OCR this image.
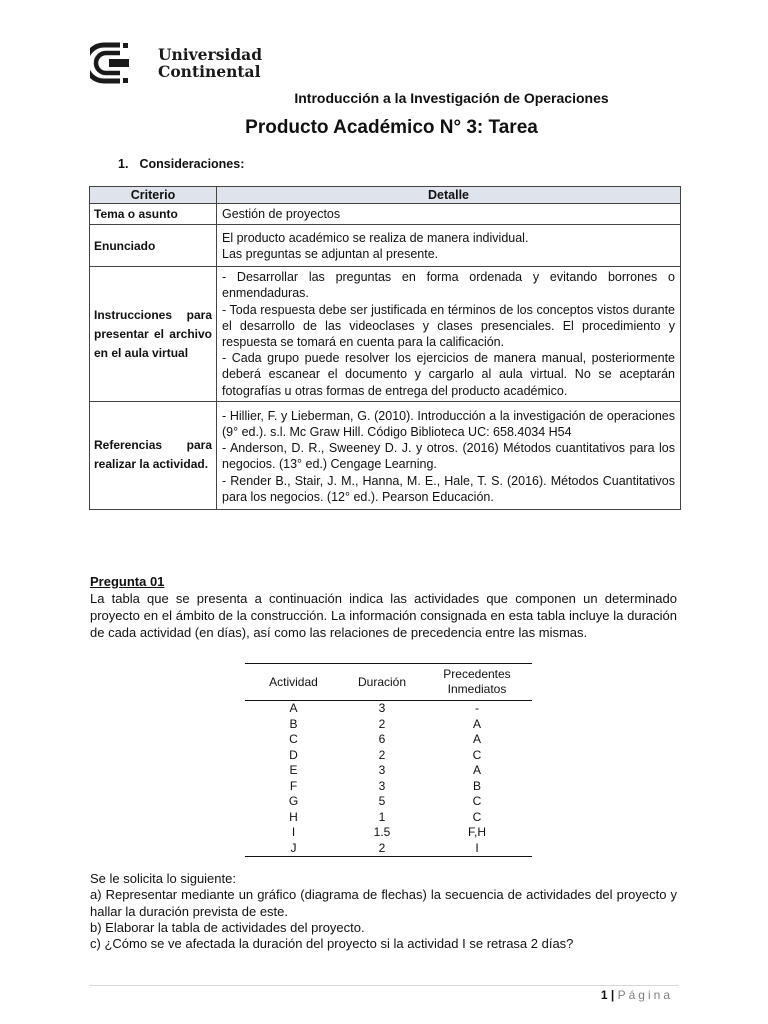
Universidad
Continental
Introducción a la Investigación de Operaciones
Producto Académico N° 3: Tarea
1. Consideraciones:
Criterio	Detalle
Tema o asunto	Gestión de proyectos
Enunciado	El producto académico se realiza de manera individual.
Las preguntas se adjuntan al presente.

Instrucciones para presentar el archivo en el aula virtual	- Desarrollar las preguntas en forma ordenada y evitando borrones o enmendaduras.
- Toda respuesta debe ser justificada en términos de los conceptos vistos durante el desarrollo de las videoclases y clases presenciales. El procedimiento y respuesta se tomará en cuenta para la calificación.
- Cada grupo puede resolver los ejercicios de manera manual, posteriormente deberá escanear el documento y cargarlo al aula virtual. No se aceptarán fotografías u otras formas de entrega del producto académico.

Referencias para realizar la actividad.	- Hillier, F. y Lieberman, G. (2010). Introducción a la investigación de operaciones (9° ed.). s.l. Mc Graw Hill. Código Biblioteca UC: 658.4034 H54
- Anderson, D. R., Sweeney D. J. y otros. (2016) Métodos cuantitativos para los negocios. (13° ed.) Cengage Learning.
- Render B., Stair, J. M., Hanna, M. E., Hale, T. S. (2016). Métodos Cuantitativos para los negocios. (12° ed.). Pearson Educación.
Pregunta 01
La tabla que se presenta a continuación indica las actividades que componen un determinado proyecto en el ámbito de la construcción. La información consignada en esta tabla incluye la duración de cada actividad (en días), así como las relaciones de precedencia entre las mismas.
Actividad	Duración	Precedentes Inmediatos
A	3	-
B	2	A
C	6	A
D	2	C
E	3	A
F	3	B
G	5	C
H	1	C
I	1.5	F,H
J	2	I
Se le solicita lo siguiente:
a) Representar mediante un gráfico (diagrama de flechas) la secuencia de actividades del proyecto y hallar la duración prevista de este.
b) Elaborar la tabla de actividades del proyecto.
c) ¿Cómo se ve afectada la duración del proyecto si la actividad I se retrasa 2 días?
1 | Página
